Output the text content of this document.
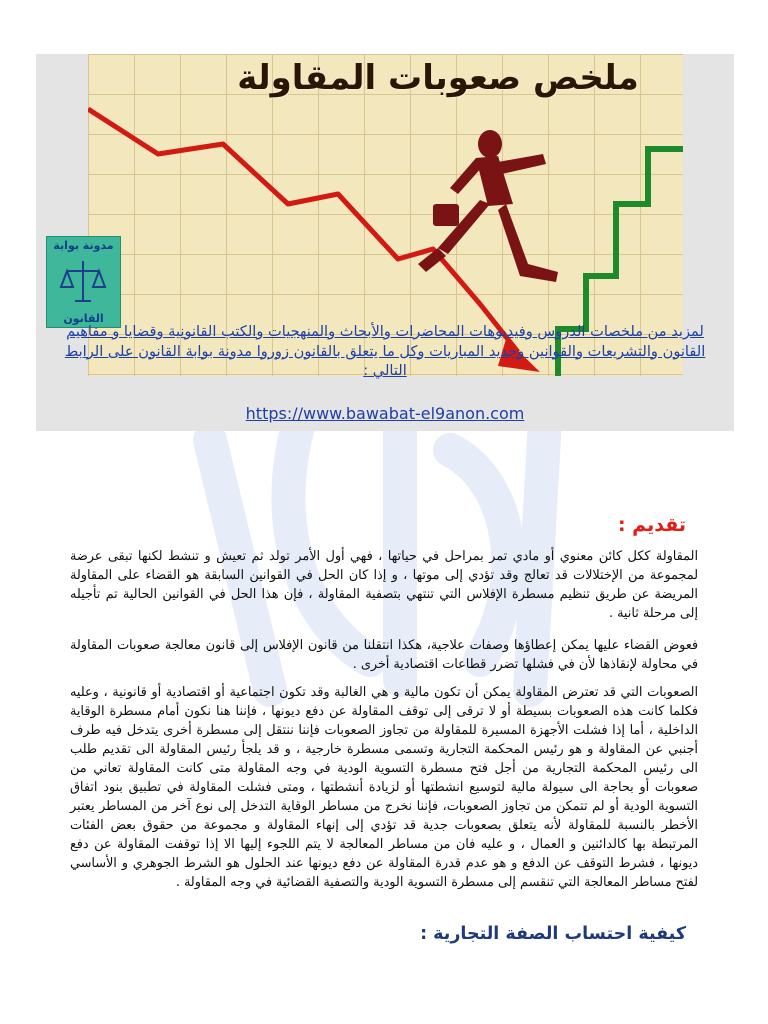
ملخص صعوبات المقاولة

مدونة بوابة
القانون
لمزيد من ملخصات الدروس وفيديوهات المحاضرات والأبحاث والمنهجيات والكتب القانونية وقضايا و مفاهيم القانون والتشريعات والقوانين وجديد المباريات وكل ما يتعلق بالقانون زوروا مدونة بوابة القانون على الرابط التالي :
https://www.bawabat-el9anon.com
تقديم :

المقاولة ككل كائن معنوي أو مادي تمر بمراحل في حياتها ، فهي أول الأمر تولد ثم تعيش و تنشط لكنها تبقى عرضة لمجموعة من الإختلالات قد تعالج وقد تؤدي إلى موتها ، و إذا كان الحل في القوانين السابقة هو القضاء على المقاولة المريضة عن طريق تنظيم مسطرة الإفلاس التي تنتهي بتصفية المقاولة ، فإن هذا الحل في القوانين الحالية تم تأجيله إلى مرحلة ثانية .

فعوض القضاء عليها يمكن إعطاؤها وصفات علاجية، هكذا انتقلنا من قانون الإفلاس إلى قانون معالجة صعوبات المقاولة في محاولة لإنقاذها لأن في فشلها تضرر قطاعات اقتصادية أخرى .

الصعوبات التي قد تعترض المقاولة يمكن أن تكون مالية و هي الغالبة وقد تكون اجتماعية أو اقتصادية أو قانونية ، وعليه فكلما كانت هذه الصعوبات بسيطة أو لا ترقى إلى توقف المقاولة عن دفع ديونها ، فإننا هنا نكون أمام مسطرة الوقاية الداخلية ، أما إذا فشلت الأجهزة المسيرة للمقاولة من تجاوز الصعوبات فإننا ننتقل إلى مسطرة أخرى يتدخل فيه طرف أجنبي عن المقاولة و هو رئيس المحكمة التجارية وتسمى مسطرة خارجية ، و قد يلجأ رئيس المقاولة الى تقديم طلب الى رئيس المحكمة التجارية من أجل فتح مسطرة التسوية الودية في وجه المقاولة متى كانت المقاولة تعاني من صعوبات أو بحاجة الى سيولة مالية لتوسيع انشطتها أو لزيادة أنشطتها ، ومتى فشلت المقاولة في تطبيق بنود اتفاق التسوية الودية أو لم تتمكن من تجاوز الصعوبات، فإننا نخرج من مساطر الوقاية التدخل إلى نوع آخر من المساطر يعتبر الأخطر بالنسبة للمقاولة لأنه يتعلق بصعوبات جدية قد تؤدي إلى إنهاء المقاولة و مجموعة من حقوق بعض الفئات المرتبطة بها كالدائنين و العمال ، و عليه فان من مساطر المعالجة لا يتم اللجوء إليها الا إذا توقفت المقاولة عن دفع ديونها ، فشرط التوقف عن الدفع و هو عدم قدرة المقاولة عن دفع ديونها عند الحلول هو الشرط الجوهري و الأساسي لفتح مساطر المعالجة التي تنقسم إلى مسطرة التسوية الودية والتصفية القضائية في وجه المقاولة .

كيفية احتساب الصفة التجارية :
